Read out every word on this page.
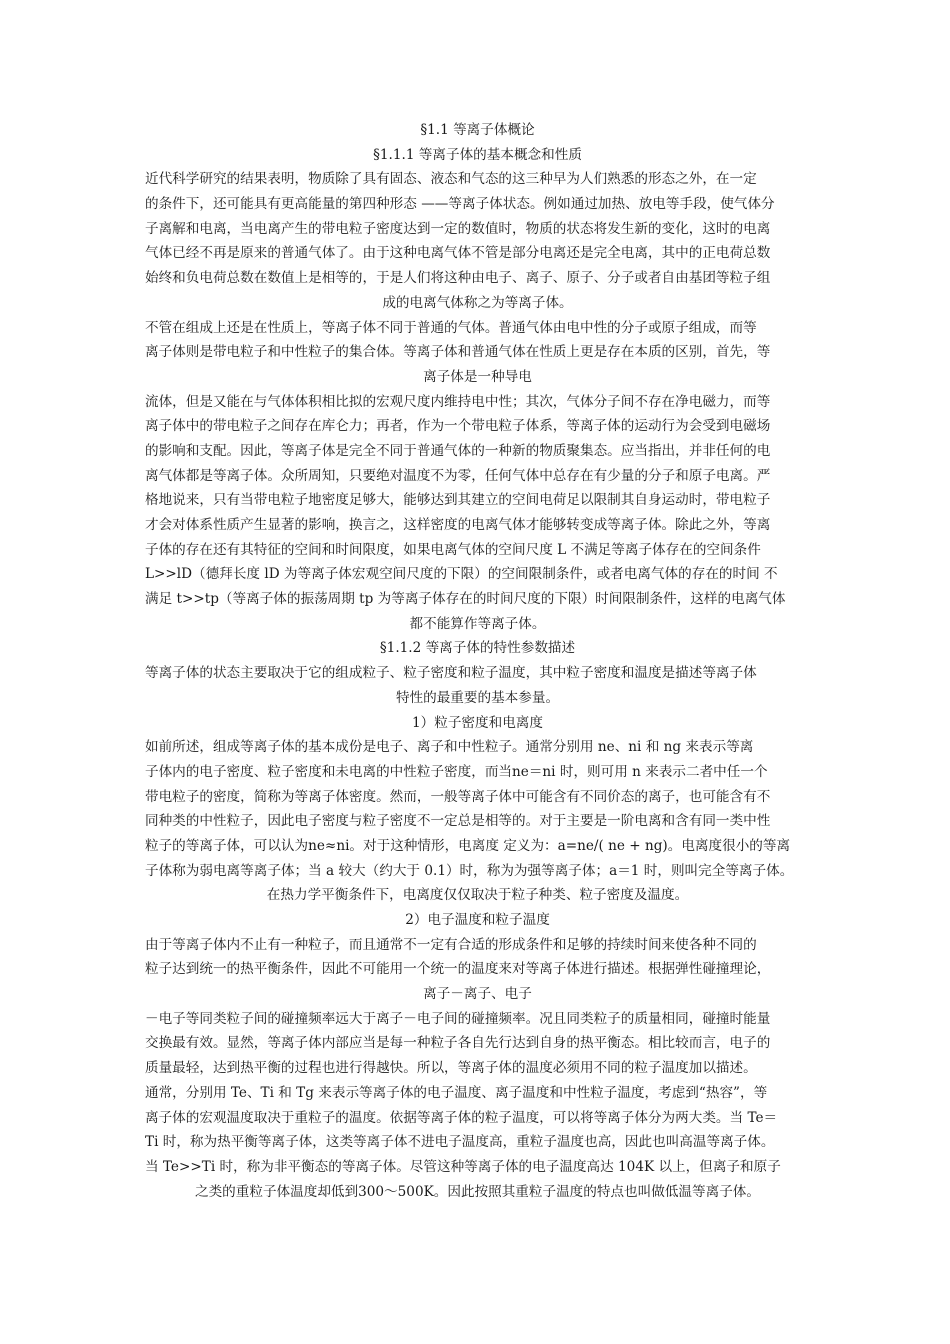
§1.1 等离子体概论
§1.1.1 等离子体的基本概念和性质
近代科学研究的结果表明，物质除了具有固态、液态和气态的这三种早为人们熟悉的形态之外，在一定
的条件下，还可能具有更高能量的第四种形态 ——等离子体状态。例如通过加热、放电等手段，使气体分
子离解和电离，当电离产生的带电粒子密度达到一定的数值时，物质的状态将发生新的变化，这时的电离
气体已经不再是原来的普通气体了。由于这种电离气体不管是部分电离还是完全电离，其中的正电荷总数
始终和负电荷总数在数值上是相等的，于是人们将这种由电子、离子、原子、分子或者自由基团等粒子组
成的电离气体称之为等离子体。
不管在组成上还是在性质上，等离子体不同于普通的气体。普通气体由电中性的分子或原子组成，而等
离子体则是带电粒子和中性粒子的集合体。等离子体和普通气体在性质上更是存在本质的区别，首先，等
离子体是一种导电
流体，但是又能在与气体体积相比拟的宏观尺度内维持电中性；其次，气体分子间不存在净电磁力，而等
离子体中的带电粒子之间存在库仑力；再者，作为一个带电粒子体系，等离子体的运动行为会受到电磁场
的影响和支配。因此，等离子体是完全不同于普通气体的一种新的物质聚集态。应当指出，并非任何的电
离气体都是等离子体。众所周知，只要绝对温度不为零，任何气体中总存在有少量的分子和原子电离。严
格地说来，只有当带电粒子地密度足够大，能够达到其建立的空间电荷足以限制其自身运动时，带电粒子
才会对体系性质产生显著的影响，换言之，这样密度的电离气体才能够转变成等离子体。除此之外，等离
子体的存在还有其特征的空间和时间限度，如果电离气体的空间尺度 L 不满足等离子体存在的空间条件
L>>lD（德拜长度 lD 为等离子体宏观空间尺度的下限）的空间限制条件，或者电离气体的存在的时间 不
满足 t>>tp（等离子体的振荡周期 tp 为等离子体存在的时间尺度的下限）时间限制条件，这样的电离气体
都不能算作等离子体。
§1.1.2 等离子体的特性参数描述
等离子体的状态主要取决于它的组成粒子、粒子密度和粒子温度，其中粒子密度和温度是描述等离子体
特性的最重要的基本参量。
1）粒子密度和电离度
如前所述，组成等离子体的基本成份是电子、离子和中性粒子。通常分别用 ne、ni 和 ng 来表示等离
子体内的电子密度、粒子密度和未电离的中性粒子密度，而当ne＝ni 时，则可用 n 来表示二者中任一个
带电粒子的密度，简称为等离子体密度。然而，一般等离子体中可能含有不同价态的离子，也可能含有不
同种类的中性粒子，因此电子密度与粒子密度不一定总是相等的。对于主要是一阶电离和含有同一类中性
粒子的等离子体，可以认为ne≈ni。对于这种情形，电离度 定义为：a=ne/( ne + ng)。电离度很小的等离
子体称为弱电离等离子体；当 a 较大（约大于 0.1）时，称为为强等离子体；a＝1 时，则叫完全等离子体。
在热力学平衡条件下，电离度仅仅取决于粒子种类、粒子密度及温度。
2）电子温度和粒子温度
由于等离子体内不止有一种粒子，而且通常不一定有合适的形成条件和足够的持续时间来使各种不同的
粒子达到统一的热平衡条件，因此不可能用一个统一的温度来对等离子体进行描述。根据弹性碰撞理论，
离子－离子、电子
－电子等同类粒子间的碰撞频率远大于离子－电子间的碰撞频率。况且同类粒子的质量相同，碰撞时能量
交换最有效。显然，等离子体内部应当是每一种粒子各自先行达到自身的热平衡态。相比较而言，电子的
质量最轻，达到热平衡的过程也进行得越快。所以，等离子体的温度必须用不同的粒子温度加以描述。
通常，分别用 Te、Ti 和 Tg 来表示等离子体的电子温度、离子温度和中性粒子温度，考虑到“热容”，等
离子体的宏观温度取决于重粒子的温度。依据等离子体的粒子温度，可以将等离子体分为两大类。当 Te＝
Ti 时，称为热平衡等离子体，这类等离子体不进电子温度高，重粒子温度也高，因此也叫高温等离子体。
当 Te>>Ti 时，称为非平衡态的等离子体。尽管这种等离子体的电子温度高达 104K 以上，但离子和原子
之类的重粒子体温度却低到300～500K。因此按照其重粒子温度的特点也叫做低温等离子体。
